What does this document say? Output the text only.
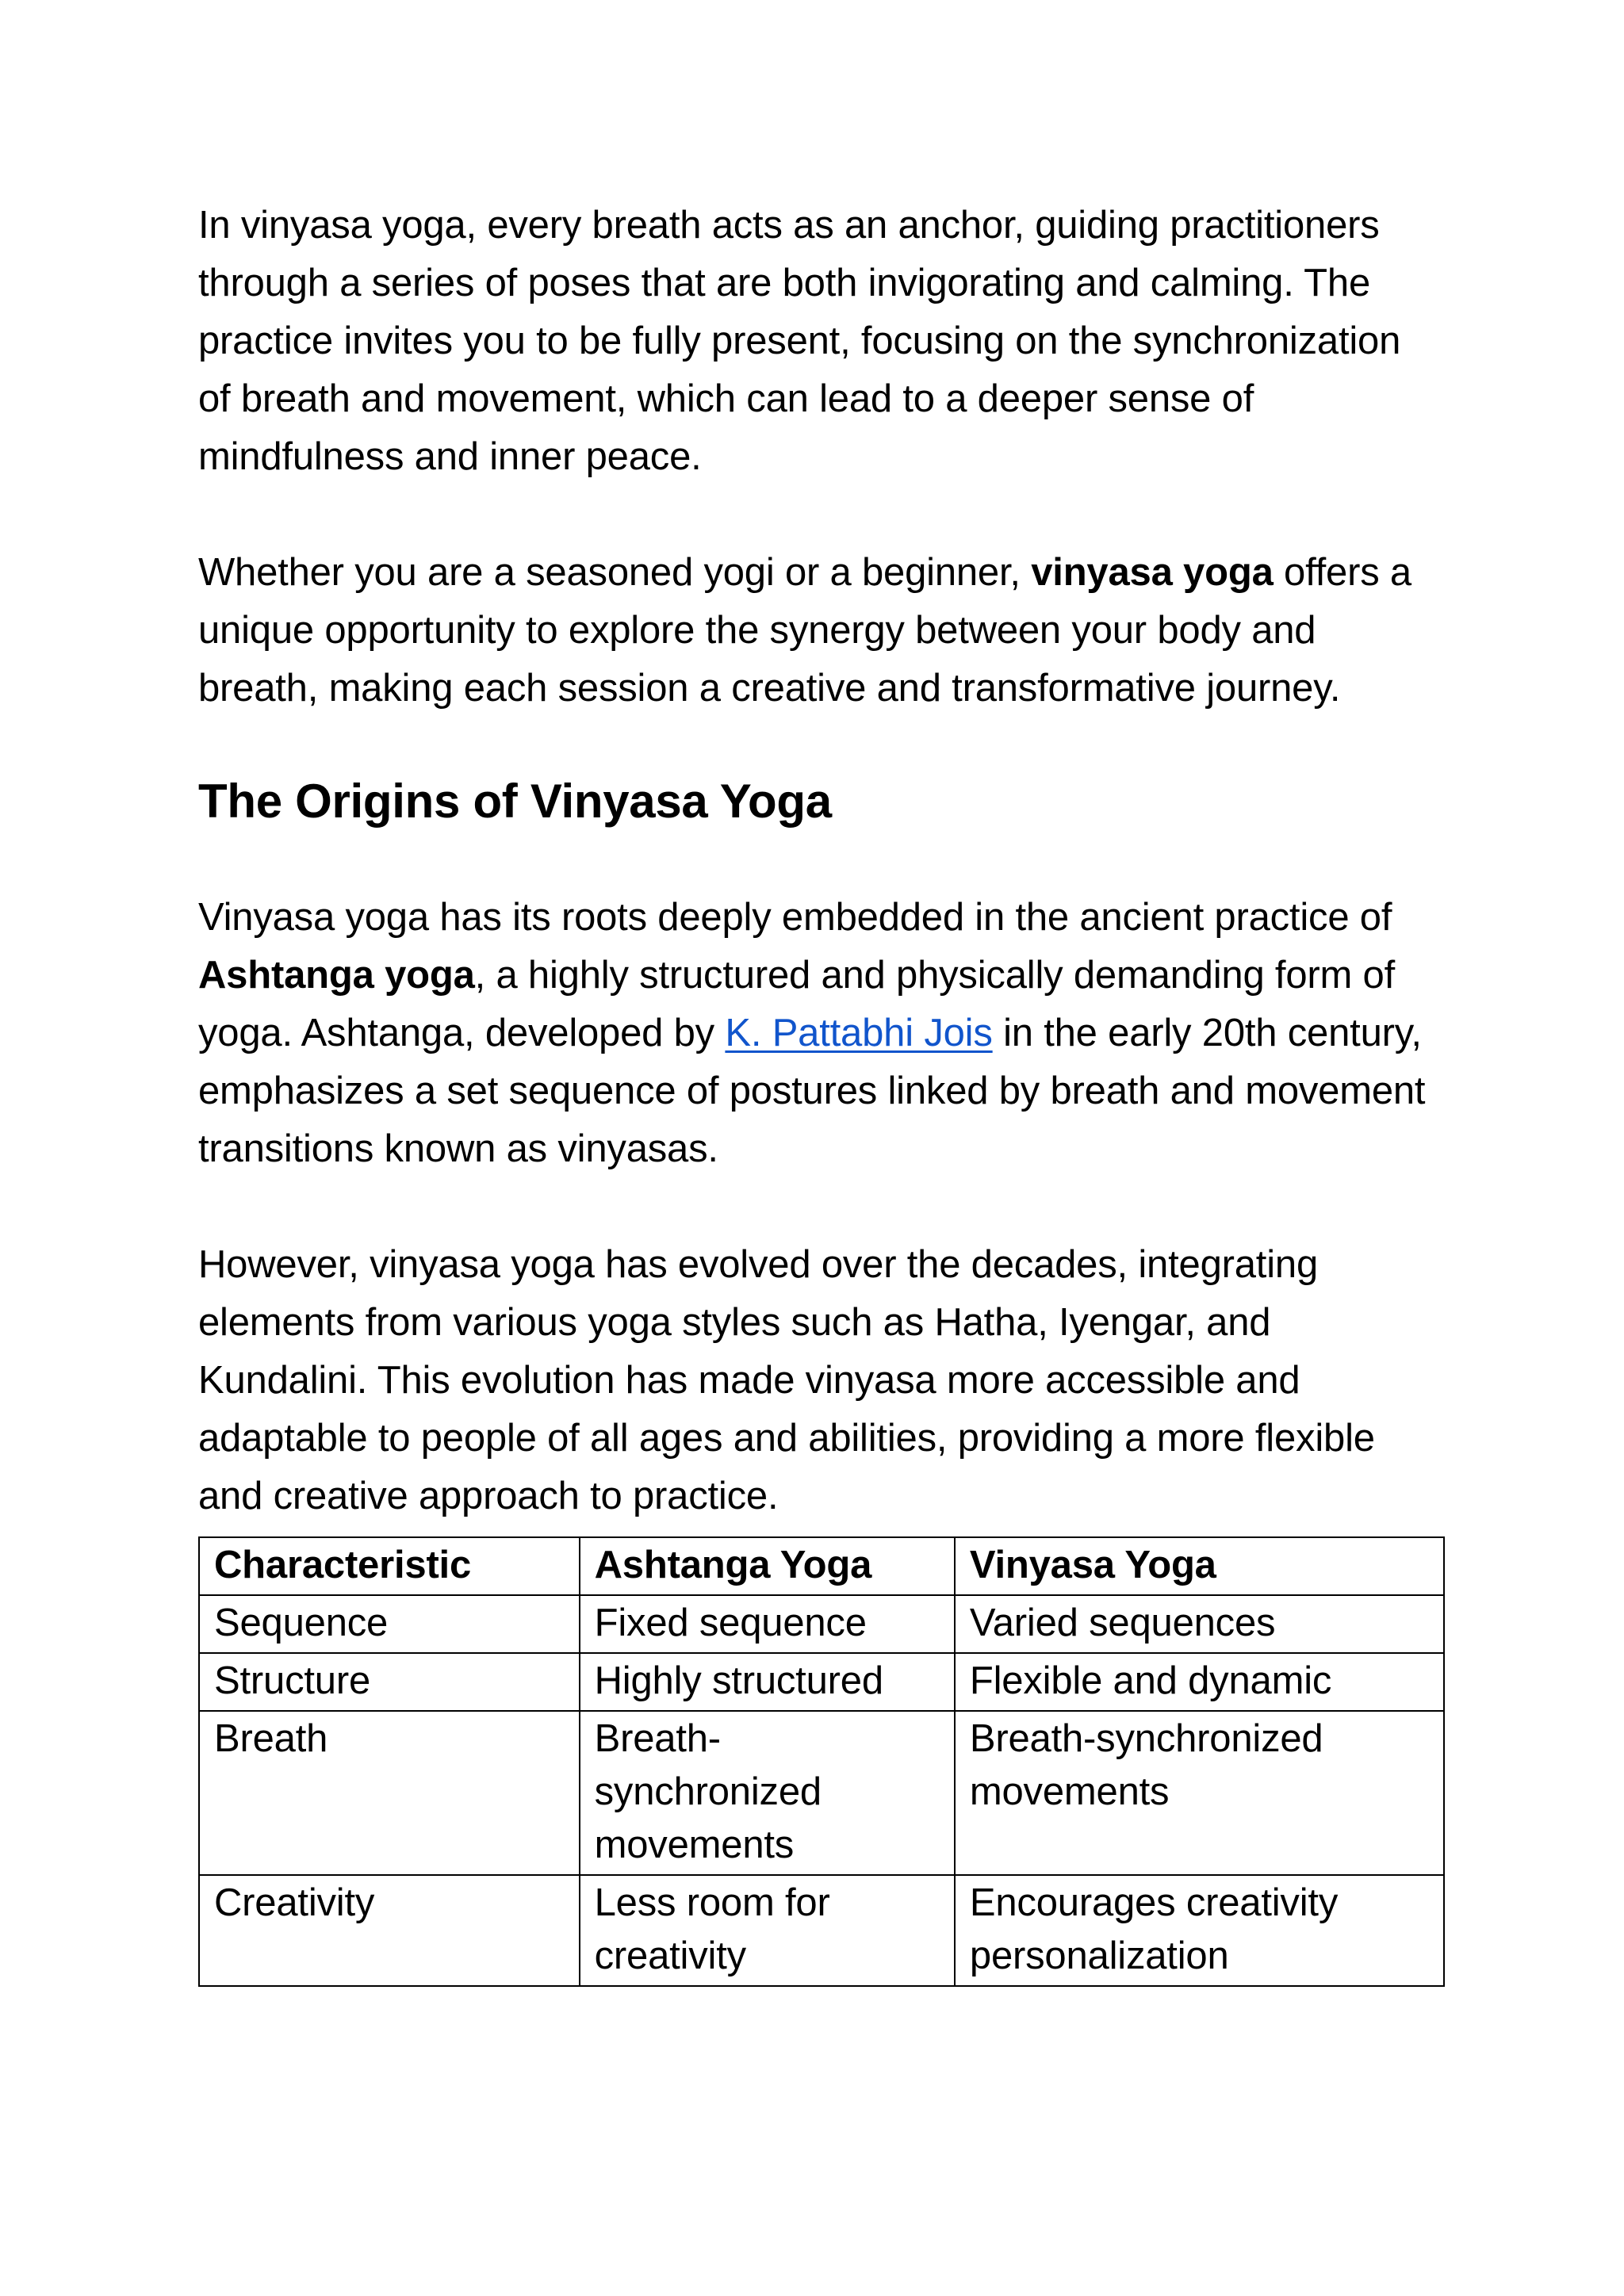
In vinyasa yoga, every breath acts as an anchor, guiding practitioners through a series of poses that are both invigorating and calming. The practice invites you to be fully present, focusing on the synchronization of breath and movement, which can lead to a deeper sense of mindfulness and inner peace.

Whether you are a seasoned yogi or a beginner, vinyasa yoga offers a unique opportunity to explore the synergy between your body and breath, making each session a creative and transformative journey.

The Origins of Vinyasa Yoga

Vinyasa yoga has its roots deeply embedded in the ancient practice of Ashtanga yoga, a highly structured and physically demanding form of yoga. Ashtanga, developed by K. Pattabhi Jois in the early 20th century, emphasizes a set sequence of postures linked by breath and movement transitions known as vinyasas.

However, vinyasa yoga has evolved over the decades, integrating elements from various yoga styles such as Hatha, Iyengar, and Kundalini. This evolution has made vinyasa more accessible and adaptable to people of all ages and abilities, providing a more flexible and creative approach to practice.

Characteristic	Ashtanga Yoga	Vinyasa Yoga
Sequence	Fixed sequence	Varied sequences
Structure	Highly structured	Flexible and dynamic
Breath	Breath-synchronized movements	Breath-synchronized movements
Creativity	Less room for creativity	Encourages creativity  personalization
